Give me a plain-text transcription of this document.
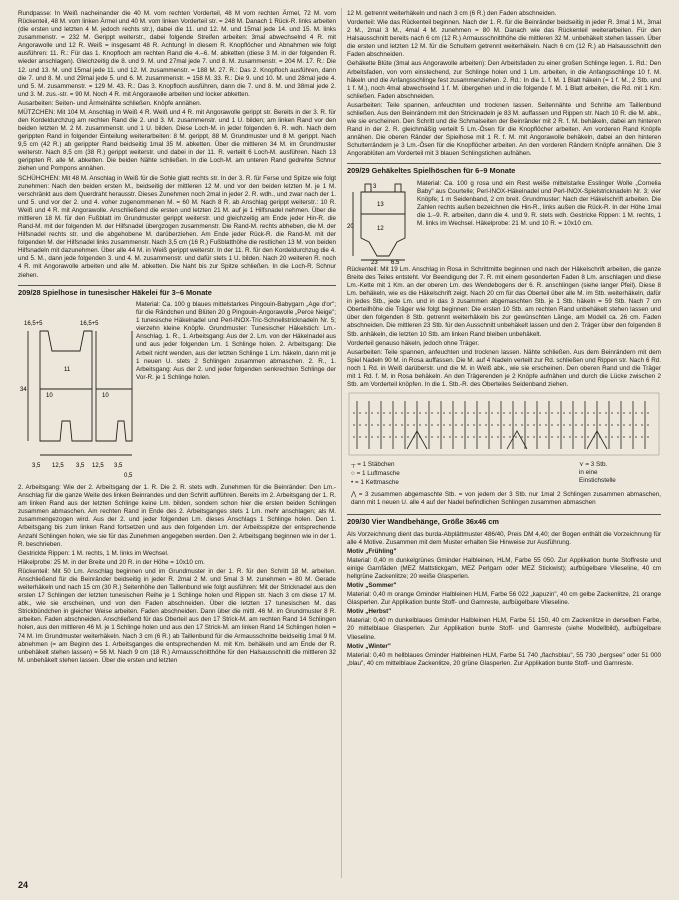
Rundpasse: In Weiß nacheinander die 40 M. vom rechten Vorderteil, 48 M vom rechten Ärmel, 72 M. vom Rückenteil, 48 M. vom linken Ärmel und 40 M. vom linken Vorderteil str. = 248 M. Danach 1 Rück-R. links arbeiten (die ersten und letzten 4 M. jedoch rechts str.), dabei die 11. und 12. M. und 15mal jede 14. und 15. M. links zusammenstr. = 232 M. Gerippt weiterstr., dabei folgende Streifen arbeiten: 3mal abwechselnd 4 R. mit Angorawolle und 12 R. Weiß = insgesamt 48 R. Achtung! In diesem R. Knopflöcher und Abnahmen wie folgt ausführen: 11. R.: Für das 1. Knopfloch am rechten Rand die 4.–6. M. abketten (diese 3 M. in der folgenden R. wieder anschlagen). Gleichzeitig die 8. und 9. M. und 27mal jede 7. und 8. M. zusammenstr. = 204 M. 17. R.: Die 12. und 13. M. und 15mal jede 11. und 12. M. zusammenstr. = 188 M. 27. R.: Das 2. Knopfloch ausführen, dann die 7. und 8. M. und 29mal jede 5. und 6. M. zusammenstr. = 158 M. 33. R.: Die 9. und 10. M. und 28mal jede 4. und 5. M. zusammenstr. = 129 M. 43. R.: Das 3. Knopfloch ausführen, dann die 7. und 8. M. und 38mal jede 2. und 3. M. zus.-str. = 90 M. Noch 4 R. mit Angorawolle arbeiten und locker abketten.

Ausarbeiten: Seiten- und Ärmelnähte schließen. Knöpfe annähen.

MÜTZCHEN: Mit 104 M. Anschlag in Weiß 4 R. Weiß und 4 R. mit Angorawolle gerippt str. Bereits in der 3. R. für den Kordeldurchzug am rechten Rand die 2. und 3. M. zusammenstr. und 1 U. bilden; am linken Rand vor den beiden letzten M. 2 M. zusammenstr. und 1 U. bilden. Diese Loch-M. in jeder folgenden 6. R. wdh. Nach dem gerippten Rand in folgender Einteilung weiterarbeiten: 8 M. gerippt, 88 M. Grundmuster und 8 M. gerippt. Nach 9,5 cm (42 R.) ab gerippter Rand beidseitig 1mal 35 M. abketten. Über die mittleren 34 M. im Grundmuster weiterstr. Nach 8,5 cm (38 R.) gerippt weiterstr. und dabei in der 11. R. verteilt 6 Loch-M. ausführen. Nach 13 gerippten R. alle M. abketten. Die beiden Nähte schließen. In die Loch-M. am unteren Rand gedrehte Schnur ziehen und Pompons annähen.

SCHÜHCHEN: Mit 48 M. Anschlag in Weiß für die Sohle glatt rechts str. In der 3. R. für Ferse und Spitze wie folgt zunehmen: Nach den beiden ersten M., beidseitig der mittleren 12 M. und vor den beiden letzten M. je 1 M. verschränkt aus dem Querdraht herausstr. Dieses Zunehmen noch 2mal in jeder 2. R. wdh., und zwar nach der 1. und 5. und vor der 2. und 4. voher zugenommenen M. = 60 M. Nach 8 R. ab Anschlag gerippt weiterstr.: 10 R. Weiß und 4 R. mit Angorawolle. Anschließend die ersten und letzten 21 M. auf je 1 Hilfsnadel nehmen. Über die mittleren 18 M. für den Fußblatt im Grundmuster gerippt weiterstr. und gleichzeitig am Ende jeder Hin-R. die Rand-M. mit der folgenden M. der Hilfsnadel übergzogen zusammenstr. Die Rand-M. rechts abheben, die M. der Hilfsnadel rechts str. und die abgehobene M. darüberziehen. Am Ende jeder Rück-R. die Rand-M. mit der folgenden M. der Hilfsnadel links zusammenstr. Nach 3,5 cm (16 R.) Fußblatthöhe die restlichen 13 M. von beiden Hilfsnadeln mit dazunehmen. Über alle 44 M. in Weiß gerippt weiterstr. In der 11. R. für den Kordeldurchzug die 4. und 5. M., dann jede folgenden 3. und 4. M. zusammenstr. und dafür stets 1 U. bilden. Nach 20 weiteren R. noch 4 R. mit Angorawolle arbeiten und alle M. abketten. Die Naht bis zur Spitze schließen. In die Loch-R. Schnur ziehen.

209/28 Spielhose in tunesischer Häkelei für 3–6 Monate
16,5+5	16,5+5
10	10
34
3,5 12,5 3,5 12,5 3,5
0,5
11
Material: Ca. 100 g blaues mittelstarkes Pingouin-Babygarn „Age d'or"; für die Rändchen und Blüten 20 g Pingouin-Angorawolle „Perce Neige"; 1 tunesische Häkelnadel und Perl-INOX-Tric-Schnellstricknadeln Nr. 5; vierzehn kleine Knöpfe. Grundmuster: Tunesischer Häkelstich: Lm.-Anschlag. 1. R., 1. Arbeitsgang: Aus der 2. Lm. von der Häkelnadel aus und aus jeder folgenden Lm. 1 Schlinge holen. 2. Arbeitsgang: Die Arbeit nicht wenden, aus der letzten Schlinge 1 Lm. häkeln, dann mit je 1 neuen U. stets 2 Schlingen zusammen abmaschen. 2. R., 1. Arbeitsgang: Aus der 2. und jeder folgenden senkrechten Schlinge der Vor-R. je 1 Schlinge holen.

2. Arbeitsgang: Wie der 2. Arbeitsgang der 1. R. Die 2. R. stets wdh. Zunehmen für die Beinränder: Den Lm.-Anschlag für die ganze Weite des linken Beinrandes und den Schritt aufführen. Bereits im 2. Arbeitsgang der 1. R. am linken Rand aus der letzten Schlinge keine Lm. bilden, sondern schon hier die ersten beiden Schlingen zusammen abmaschen. Am rechten Rand in Ende des 2. Arbeitsganges stets 1 Lm. mehr anschlagen; als M. zusammengezogen wird. Aus der 2. und jeder folgenden Lm. dieses Anschlags 1 Schlinge holen. Den 1. Arbeitsgang bis zum linken Rand fortsetzen und aus den folgenden Lm. der Arbeitsspitze der entsprechende Anzahl Schlingen holen, wie sie für das Zunehmen angegeben werden. Den 2. Arbeitsgang beginnen wie in der 1. R. beschrieben.

Gestrickte Rippen: 1 M. rechts, 1 M. links im Wechsel.

Häkelprobe: 25 M. in der Breite und 20 R. in der Höhe = 10x10 cm.

Rückenteil: Mit 50 Lm. Anschlag beginnen und im Grundmuster in der 1. R. für den Schritt 18 M. arbeiten. Anschließend für die Beinränder beidseitig in jeder R. 2mal 2 M. und 5mal 3 M. zunehmen = 80 M. Gerade weiterhäkeln und nach 15 cm (30 R.) Seitenhöhe den Taillenbund wie folgt ausführen: Mit der Stricknadel aus den ersten 17 Schlingen der letzten tunesischen Reihe je 1 Schlinge holen und Rippen str. Nach 3 cm diese 17 M. abk., wie sie erscheinen, und von den Faden abschneiden. Über die letzten 17 tunesischen M. das Strickbündchen in gleicher Weise arbeiten. Faden abschneiden. Dann über die mittl. 46 M. im Grundmuster 8 R. arbeiten. Faden abschneiden. Anschließend für das Oberteil aus den 17 Strick-M. am rechten Rand 14 Schlingen holen, aus den mittleren 46 M. je 1 Schlinge holen und aus den 17 Strick-M. am linken Rand 14 Schlingen holen = 74 M. Im Grundmuster weiterhäkeln. Nach 3 cm (6 R.) ab Taillenbund für die Armausschnitte beidseitig 1mal 9 M. abnehmen (= am Beginn des 1. Arbeitsganges die entsprechenden M. mit Km. behäkeln und am Ende der R. unbehäkelt stehen lassen) = 56 M. Nach 9 cm (18 R.) Armausschnitthöhe für den Halsausschnitt die mittleren 32 M. unbehäkelt stehen lassen. Über die ersten und letzten

12 M. getrennt weiterhäkeln und nach 3 cm (6 R.) den Faden abschneiden.

Vorderteil: Wie das Rückenteil beginnen. Nach der 1. R. für die Beinränder beidseitig in jeder R. 3mal 1 M., 3mal 2 M., 2mal 3 M., 4mal 4 M. zunehmen = 80 M. Danach wie das Rückenteil weiterarbeiten. Für den Halsausschnitt bereits nach 6 cm (12 R.) Armausschnitthöhe die mittleren 32 M. unbehäkelt stehen lassen. Über die ersten und letzten 12 M. für die Schultern getrennt weiterhäkeln. Nach 6 cm (12 R.) ab Halsausschnitt den Faden abschneiden.

Gehäkelte Blüte (3mal aus Angorawolle arbeiten): Den Arbeitsfaden zu einer großen Schlinge legen. 1. Rd.: Den Arbeitsfaden, von vorn einstechend, zur Schlinge holen und 1 Lm. arbeiten, in die Anfangsschlinge 10 f. M. häkeln und die Anfangsschlinge fest zusammenziehen. 2. Rd.: In die 1. f. M. 1 Blatt häkeln (= 1 f. M., 2 Stb. und 1 f. M.), noch 4mal abwechselnd 1 f. M. übergehen und in die folgende f. M. 1 Blatt arbeiten, die Rd. mit 1 Km. schließen. Faden abschneiden.

Ausarbeiten: Teile spannen, anfeuchten und trocknen lassen. Seitennähte und Schritte am Taillenbund schließen. Aus den Beinrändern mit den Stricknadeln je 83 M. auffassen und Rippen str. Nach 10 R. die M. abk., wie sie erscheinen. Den Schritt und die Schmalseiten der Beinränder mit 2 R. f. M. behäkeln, dabei am hinteren Rand in der 2. R. gleichmäßig verteilt 5 Lm.-Ösen für die Knopflöcher arbeiten. Am vorderen Rand Knöpfe annähen. Die oberen Ränder der Spielhose mit 1 R. f. M. mit Angorawolle behäkeln, dabei an den hinteren Schulterrändern je 3 Lm.-Ösen für die Knopflöcher arbeiten. An den vorderen Rändern Knöpfe annähen. Die 3 Angorablüten am Vorderteil mit 3 blauen Schlingstichen aufnähen.

209/29 Gehäkeltes Spielhöschen für 6–9 Monate
3
13
20	12
23 6,5
Material: Ca. 100 g rosa und ein Rest weiße mittelstarke Esslinger Wolle „Cornelia Baby" aus Courtelle; Perl-INOX-Häkelnadel und Perl-INOX-Spielstricknadeln Nr. 3; vier Knöpfe; 1 m Seidenband, 2 cm breit. Grundmuster: Nach der Häkelschrift arbeiten. Die Zahlen rechts außen bezeichnen die Hin-R., links außen die Rück-R. In der Höhe 1mal die 1.–9. R. arbeiten, dann die 4. und 9. R. stets wdh. Gestricke Rippen: 1 M. rechts, 1 M. links im Wechsel. Häkelprobe: 21 M. und 10 R. = 10x10 cm.

Rückenteil: Mit 19 Lm. Anschlag in Rosa in Schrittmitte beginnen und nach der Häkelschrift arbeiten, die ganze Breite des Teiles entsteht. Vor Beendigung der 7. R. mit einem gesonderten Faden 8 Lm. anschlagen und diese Lm.-Kette mit 1 Km. an der oberen Lm. des Wendebogens der 6. R. anschlingen (siehe langer Pfeil). Diese 8 Lm. behäkeln, wie es die Häkelschrift zeigt. Nach 20 cm für das Oberteil über alle M. im Stb. weiterhäkeln, dafür in jedes Stb., jede Lm. und in das 3 zusammen abgemaschten Stb. je 1 Stb. häkeln = 59 Stb. Nach 7 cm Oberteilhöhe die Träger wie folgt beginnen: Die ersten 10 Stb. am rechten Rand unbehäkelt stehen lassen und über den folgenden 8 Stb. getrennt weiterhäkeln bis zur gewünschten Länge, am Modell ca. 26 cm. Faden abschneiden. Die mittleren 23 Stb. für den Ausschnitt unbehäkelt lassen und den 2. Träger über den folgenden 8 Stb. anhäkeln, die letzten 10 Stb. am linken Rand bleiben unbehäkelt.

Vorderteil genauso häkeln, jedoch ohne Träger.

Ausarbeiten: Teile spannen, anfeuchten und trocknen lassen. Nähte schließen. Aus dem Beinrändern mit dem Spiel Nadeln 90 M. in Rosa auffassen. Die M. auf 4 Nadeln verteilt zur Rd. schließen und Rippen str. Nach 6 Rd. noch 1 Rd. in Weiß darüberstr. und die M. in Weiß abk., wie sie erscheinen. Den oberen Rand und die Träger mit 1 Rd. f. M. in Rosa behäkeln. An den Trägerenden je 2 Knöpfe aufnähen und durch die Lücke zwischen 2 Stb. am Vorderteil knöpfen. In die 1. Stb.-R. des Oberteiles Seidenband ziehen.

┬ = 1 Stäbchen
○ = 1 Luftmasche
• = 1 Kettmasche
⋎ = 3 Stb.
in eine
Einstichstelle
⋀ = 3 zusammen abgemaschte Stb. = von jedem der 3 Stb. nur 1mal 2 Schlingen zusammen abmaschen, dann mit 1 neuen U. alle 4 auf der Nadel befindlichen Schlingen zusammen abmaschen
209/30 Vier Wandbehänge, Größe 36x46 cm

Als Vorzeichnung dient das burda-Abplättmuster 486/40, Preis DM 4,40; der Bogen enthält die Vorzeichnung für alle 4 Motive. Zusammen mit dem Muster erhalten Sie Hinweise zur Ausführung.

Motiv „Frühling"

Material: 0,40 m dunkelgrünes Gminder Halbleinen, HLM, Farbe 55 050. Zur Applikation bunte Stoffreste und einige Garnfäden (MEZ Mattstickgarn, MEZ Perlgarn oder MEZ Stickwist); aufbügelbare Vlieseline, 40 cm hellgrüne Zackenlitze; 20 weiße Glasperlen.

Motiv „Sommer"

Material: 0,40 m orange Gminder Halbleinen HLM, Farbe 56 022 „kapuzin", 40 cm gelbe Zackenlitze, 21 orange Glasperlen. Zur Applikation bunte Stoff- und Garnreste, aufbügelbare Vlieseline.

Motiv „Herbst"

Material: 0,40 m dunkelblaues Gminder Halbleinen HLM, Farbe 51 150, 40 cm Zackenlitze in derselben Farbe, 20 mittelblaue Glasperlen. Zur Applikation bunte Stoff- und Garnreste (siehe Modellbild), aufbügelbare Vlieseline.

Motiv „Winter"

Material: 0,40 m hellblaues Gminder Halbleinen HLM, Farbe 51 740 „flachsblau", 55 730 „bergsee" oder 51 000 „blau", 40 cm mittelblaue Zackenlitze, 20 grüne Glasperlen. Zur Applikation bunte Stoff- und Garnreste.

24
